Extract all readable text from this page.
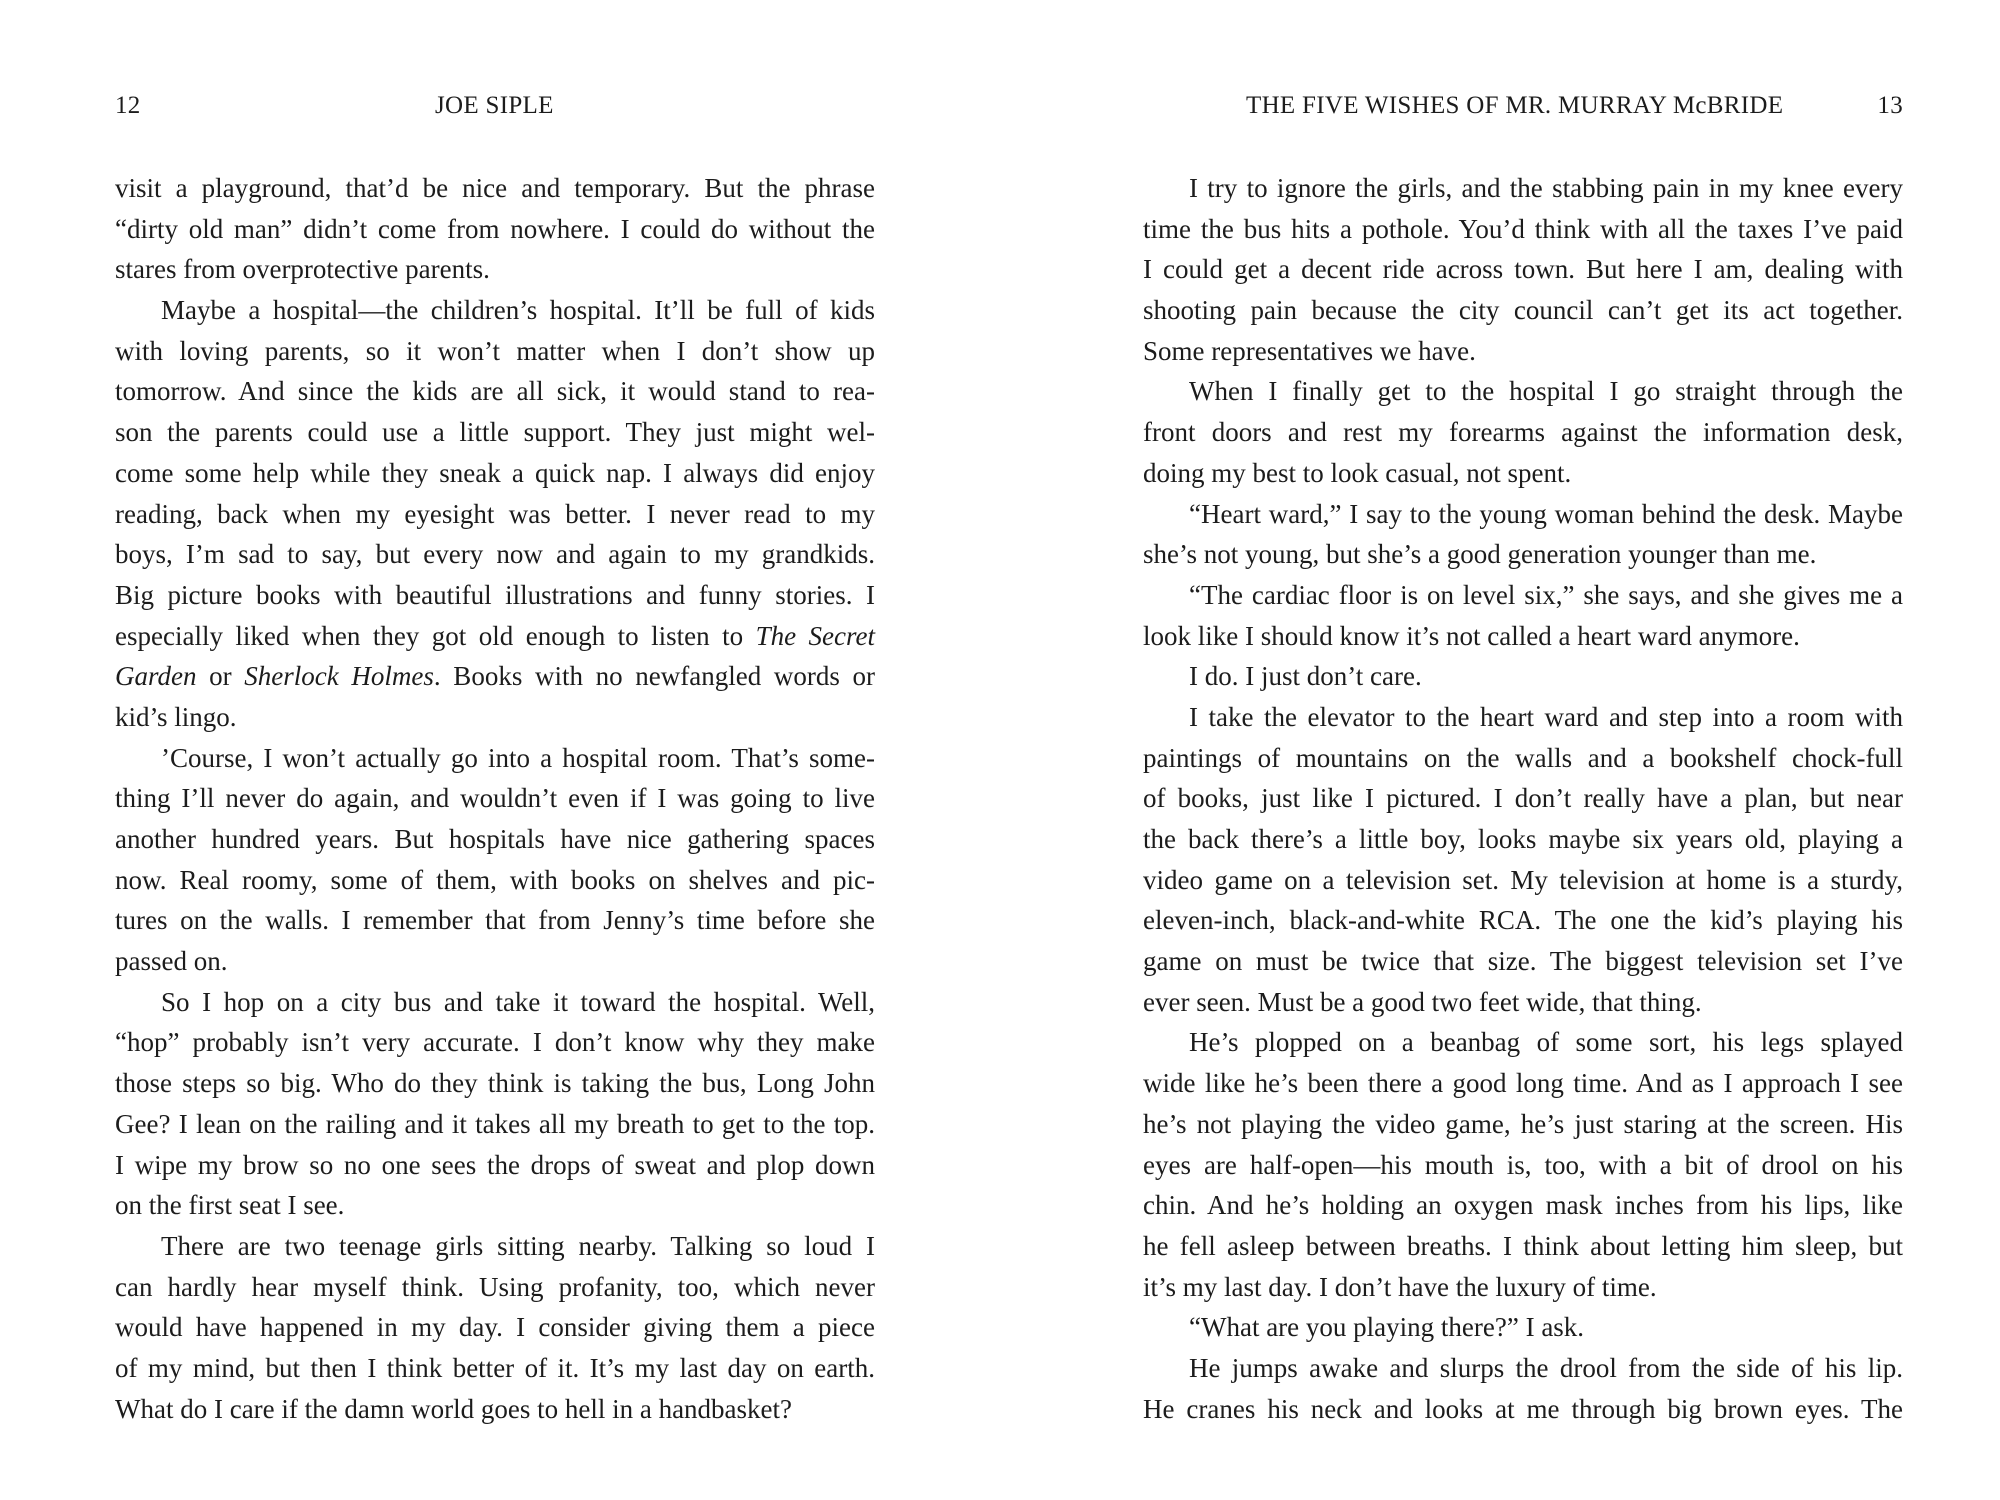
12	JOE SIPLE
visit a playground, that’d be nice and temporary. But the phrase
“dirty old man” didn’t come from nowhere. I could do without the
stares from overprotective parents.
Maybe a hospital—the children’s hospital. It’ll be full of kids
with loving parents, so it won’t matter when I don’t show up
tomorrow. And since the kids are all sick, it would stand to rea-
son the parents could use a little support. They just might wel-
come some help while they sneak a quick nap. I always did enjoy
reading, back when my eyesight was better. I never read to my
boys, I’m sad to say, but every now and again to my grandkids.
Big picture books with beautiful illustrations and funny stories. I
especially liked when they got old enough to listen to The Secret
Garden or Sherlock Holmes. Books with no newfangled words or
kid’s lingo.
’Course, I won’t actually go into a hospital room. That’s some-
thing I’ll never do again, and wouldn’t even if I was going to live
another hundred years. But hospitals have nice gathering spaces
now. Real roomy, some of them, with books on shelves and pic-
tures on the walls. I remember that from Jenny’s time before she
passed on.
So I hop on a city bus and take it toward the hospital. Well,
“hop” probably isn’t very accurate. I don’t know why they make
those steps so big. Who do they think is taking the bus, Long John
Gee? I lean on the railing and it takes all my breath to get to the top.
I wipe my brow so no one sees the drops of sweat and plop down
on the first seat I see.
There are two teenage girls sitting nearby. Talking so loud I
can hardly hear myself think. Using profanity, too, which never
would have happened in my day. I consider giving them a piece
of my mind, but then I think better of it. It’s my last day on earth.
What do I care if the damn world goes to hell in a handbasket?
THE FIVE WISHES OF MR. MURRAY McBRIDE	13
I try to ignore the girls, and the stabbing pain in my knee every
time the bus hits a pothole. You’d think with all the taxes I’ve paid
I could get a decent ride across town. But here I am, dealing with
shooting pain because the city council can’t get its act together.
Some representatives we have.
When I finally get to the hospital I go straight through the
front doors and rest my forearms against the information desk,
doing my best to look casual, not spent.
“Heart ward,” I say to the young woman behind the desk. Maybe
she’s not young, but she’s a good generation younger than me.
“The cardiac floor is on level six,” she says, and she gives me a
look like I should know it’s not called a heart ward anymore.
I do. I just don’t care.
I take the elevator to the heart ward and step into a room with
paintings of mountains on the walls and a bookshelf chock-full
of books, just like I pictured. I don’t really have a plan, but near
the back there’s a little boy, looks maybe six years old, playing a
video game on a television set. My television at home is a sturdy,
eleven-inch, black-and-white RCA. The one the kid’s playing his
game on must be twice that size. The biggest television set I’ve
ever seen. Must be a good two feet wide, that thing.
He’s plopped on a beanbag of some sort, his legs splayed
wide like he’s been there a good long time. And as I approach I see
he’s not playing the video game, he’s just staring at the screen. His
eyes are half-open—his mouth is, too, with a bit of drool on his
chin. And he’s holding an oxygen mask inches from his lips, like
he fell asleep between breaths. I think about letting him sleep, but
it’s my last day. I don’t have the luxury of time.
“What are you playing there?” I ask.
He jumps awake and slurps the drool from the side of his lip.
He cranes his neck and looks at me through big brown eyes. The
